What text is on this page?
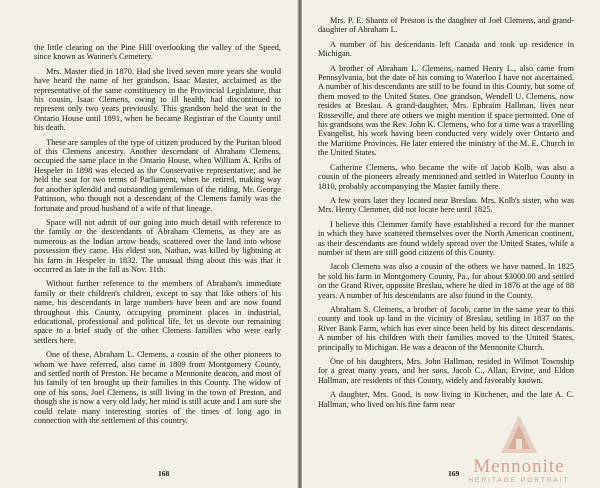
the little clearing on the Pine Hill overlooking the valley of the Speed, since known as Wanner's Cemetery.

Mrs. Master died in 1870. Had she lived seven more years she would have heard the name of her grandson, Isaac Master, acclaimed as the representative of the same constituency in the Provincial Legislature, that his cousin, Isaac Clemens, owing to ill health, had discontinued to represent only two years previously. This grandson held the seat in the Ontario House until 1891, when he became Registrar of the County until his death.

These are samples of the type of citizen produced by the Puritan blood of this Clemens ancestry. Another descendant of Abraham Clemens, occupied the same place in the Ontario House, when William A. Kribs of Hespeler in 1898 was elected as the Conservative representative; and he held the seat for two terms of Parliament, when he retired, making way for another splendid and outstanding gentleman of the riding, Mr. George Pattinson, who though not a descendant of the Clemens family was the fortunate and proud husband of a wife of that lineage.

Space will not admit of our going into much detail with reference to the family or the descendants of Abraham Clemens, as they are as numerous as the Indian arrow heads, scattered over the land into whose possession they came. His eldest son, Nathan, was killed by lightning at his farm in Hespeler in 1832. The unusual thing about this was that it occurred as late in the fall as Nov. 11th.

Without further reference to the members of Abraham's immediate family or their children's children, except to say that like others of his name, his descendants in large numbers have been and are now found throughout this County, occupying prominent places in industrial, educational, professional and political life, let us devote our remaining space to a brief study of the other Clemens families who were early settlers here.

One of these, Abraham L. Clemens, a cousin of the other pioneers to whom we have referred, also came in 1809 from Montgomery County, and settled north of Preston. He became a Mennonite deacon, and most of his family of ten brought up their families in this County. The widow of one of his sons, Joel Clemens, is still living in the town of Preston, and though she is now a very old lady, her mind is still acute and I am sure she could relate many interesting stories of the times of long ago in connection with the settlement of this country.

168

Mrs. P. E. Shantz of Preston is the daughter of Joel Clemens, and grand-daughter of Abraham L.

A number of his descendants left Canada and took up residence in Michigan.

A brother of Abraham L. Clemens, named Henry L., also came from Pennsylvania, but the date of his coming to Waterloo I have not ascertained. A number of his descendants are still to be found in this County, but some of them moved to the United States. One grandson, Wendell U. Clemens, now resides at Breslau. A grand-daughter, Mrs. Ephraim Hallman, lives near Rosseville, and there are others we might mention if space permitted. One of his grandsons was the Rev. John K. Clemens, who for a time was a travelling Evangelist, his work having been conducted very widely over Ontario and the Maritime Provinces. He later entered the ministry of the M. E. Church in the United States.

Catherine Clemens, who became the wife of Jacob Kolb, was also a cousin of the pioneers already mentioned and settled in Waterloo County in 1810, probably accompanying the Master family there.

A few years later they located near Breslau. Mrs. Kolb's sister, who was Mrs. Henry Clemmer, did not locate here until 1825.

I believe this Clemmer family have established a record for the manner in which they have scattered themselves over the North American continent, as their descendants are found widely spread over the United States, while a number of them are still good citizens of this County.

Jacob Clemens was also a cousin of the others we have named. In 1825 he sold his farm in Montgomery County, Pa., for about $3000.00 and settled on the Grand River, opposite Breslau, where he died in 1876 at the age of 88 years. A number of his descendants are also found in the County.

Abraham S. Clemens, a brother of Jacob, came in the same year to this county and took up land in the vicinity of Breslau, settling in 1837 on the River Bank Farm, which has ever since been held by his direct descendants. A number of his children with their families moved to the United States, principally to Michigan. He was a deacon of the Mennonite Church.

One of his daughters, Mrs. John Hallman, resided in Wilmot Township for a great many years, and her sons, Jacob C., Allan, Ervine, and Eldon Hallman, are residents of this County, widely and favorably known.

A daughter, Mrs. Good, is now living in Kitchener, and the late A. C. Hallman, who lived on his fine farm near

169 Mennonite
HERITAGE PORTRAIT
